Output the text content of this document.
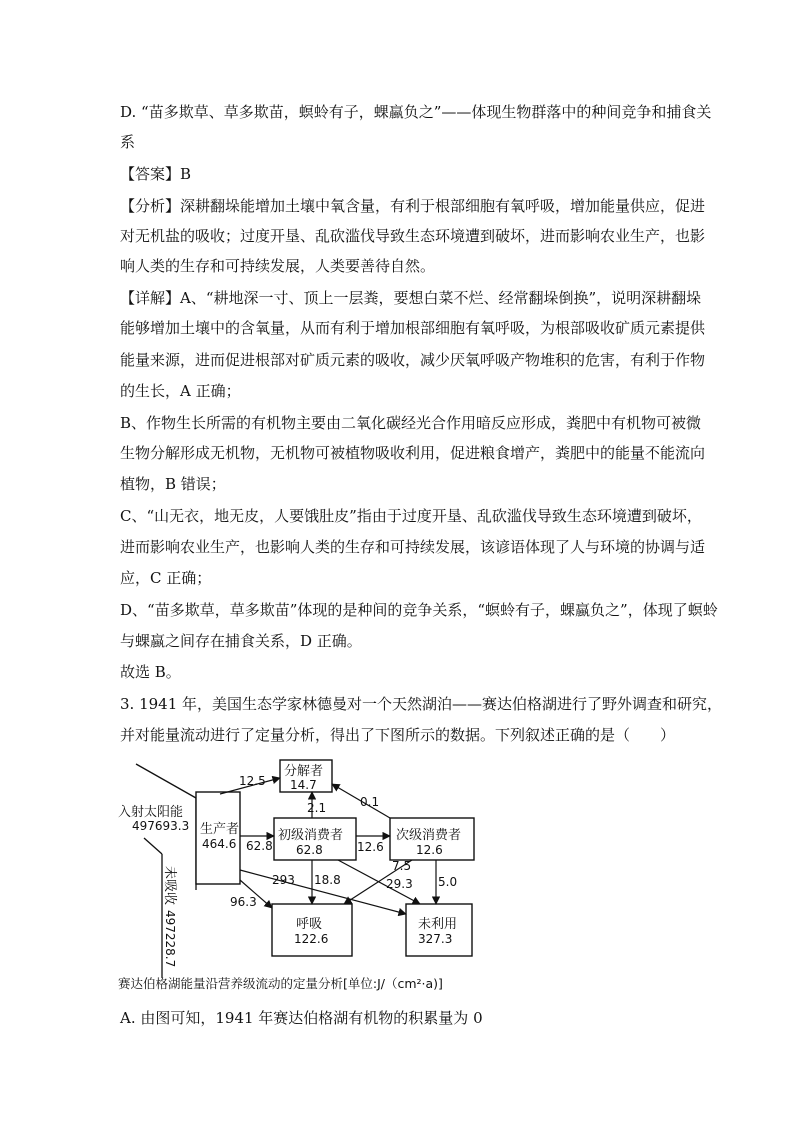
D. “苗多欺草、草多欺苗，螟蛉有子，蜾蠃负之”——体现生物群落中的种间竞争和捕食关
系
【答案】B
【分析】深耕翻垛能增加土壤中氧含量，有利于根部细胞有氧呼吸，增加能量供应，促进
对无机盐的吸收；过度开垦、乱砍滥伐导致生态环境遭到破坏，进而影响农业生产，也影
响人类的生存和可持续发展，人类要善待自然。
【详解】A、“耕地深一寸、顶上一层粪，要想白菜不烂、经常翻垛倒换”，说明深耕翻垛
能够增加土壤中的含氧量，从而有利于增加根部细胞有氧呼吸，为根部吸收矿质元素提供
能量来源，进而促进根部对矿质元素的吸收，减少厌氧呼吸产物堆积的危害，有利于作物
的生长，A 正确；
B、作物生长所需的有机物主要由二氧化碳经光合作用暗反应形成，粪肥中有机物可被微
生物分解形成无机物，无机物可被植物吸收利用，促进粮食增产，粪肥中的能量不能流向
植物，B 错误；
C、“山无衣，地无皮，人要饿肚皮”指由于过度开垦、乱砍滥伐导致生态环境遭到破坏，
进而影响农业生产，也影响人类的生存和可持续发展，该谚语体现了人与环境的协调与适
应，C 正确；
D、“苗多欺草，草多欺苗”体现的是种间的竞争关系，“螟蛉有子，蜾蠃负之”，体现了螟蛉
与蜾蠃之间存在捕食关系，D 正确。
故选 B。
3. 1941 年，美国生态学家林德曼对一个天然湖泊——赛达伯格湖进行了野外调查和研究，
并对能量流动进行了定量分析，得出了下图所示的数据。下列叙述正确的是（　　）
入射太阳能
497693.3
未吸收
497228.7
生产者
464.6
分解者
14.7
初级消费者
62.8
次级消费者
12.6
呼吸
122.6
未利用
327.3
12.5
2.1	0.1
62.8	12.6
293 18.8
7.5
29.3 5.0
96.3
赛达伯格湖能量沿营养级流动的定量分析[单位:J/（cm²·a)]
A. 由图可知，1941 年赛达伯格湖有机物的积累量为 0
